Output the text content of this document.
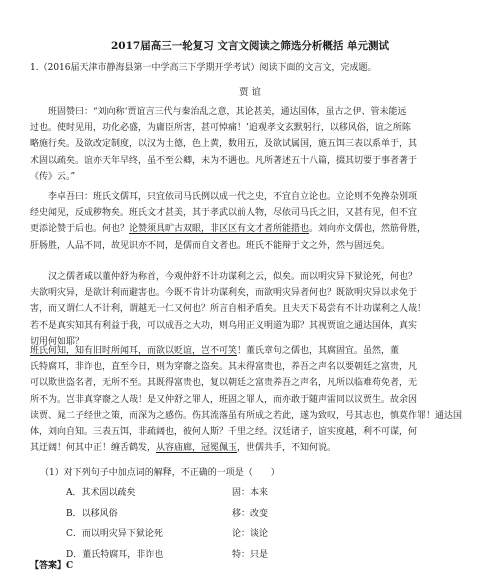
2017届高三一轮复习 文言文阅读之筛选分析概括 单元测试
1.（2016届天津市静海县第一中学高三下学期开学考试）阅读下面的文言文，完成题。
贾 谊
　　班固赞曰：“刘向称‘贾谊言三代与秦治乱之意，其论甚美，通达国体，虽古之伊、管未能远
过也。使时见用，功化必盛，为庸臣所害，甚可悼痛！’追观孝文玄默躬行，以移风俗，谊之所陈
略施行矣。及欲改定制度，以汉为土德，色上黄，数用五，及欲试属国，施五饵三表以系单于，其
术固以疏矣。谊亦天年早终，虽不至公卿，未为不遇也。凡所著述五十八篇，掇其切要于事者著于
《传》云。”
　　李卓吾曰：班氏文儒耳，只宜依司马氏例以成一代之史，不宜自立论也。立论则不免搀杂别项
经史闻见，反成秽物矣。班氏文才甚美，其于孝武以前人物，尽依司马氏之旧，又甚有见，但不宜
更添论赞于后也。何也？论赞须具旷古双眼，非区区有文才者所能措也。刘向亦文儒也，然筋骨胜，
肝肠胜，人品不同，故见识亦不同，是儒而自文者也。班氏不能辩于文之外，然与固远矣。
　　汉之儒者咸以董仲舒为称首，今观仲舒不计功谋利之云，似矣。而以明灾异下狱论死，何也？
夫欲明灾异，是欲计利而避害也。今既不肯计功谋利矣，而欲明灾异者何也？既欲明灾异以求免于
害，而又谓仁人不计利，谓越无一仁又何也？所言自相矛盾矣。且夫天下曷尝有不计功谋利之人哉！
若不是真实知其有利益于我，可以成吾之大功，则乌用正义明道为耶？其视贾谊之通达国体，真实
切用何如耶？
班氏何知，知有旧时所闻耳，而欲以贬谊，岂不可笑！董氏章句之儒也，其腐固宜。虽然，董
氏特腐耳，非诈也，直至今日，则为穿窬之盗矣。其未得富贵也，养吾之声名以要朝廷之富贵，凡
可以欺世盗名者，无所不至。其既得富贵也，复以朝廷之富贵养吾之声名，凡所以临难苟免者，无
所不为。岂非真穿窬之人哉！是又仲舒之罪人，班固之罪人，而亦敢于随声雷同以议贾生。故余因
读贾、晁二子经世之策，而深为之感伤。伤其流落虽有所成之若此，遂为致叹，号其志也，慎莫作罪！通达国
体，刘向自知。三表五饵，非疏阔也，彼何人斯？千里之经。汉廷诸子，谊实度越，利不可谋，何
其迂阔！何其中正！缠舌鹤发，从容庙廊，冠冕佩玉，世儒共手，不知何说。
（1）对下列句子中加点词的解释，不正确的一项是（　　）
A．其术固以疏矣	固：本来
B．以移风俗	移：改变
C．而以明灾异下狱论死	论：谈论
D．董氏特腐耳，非诈也	特：只是
【答案】C
